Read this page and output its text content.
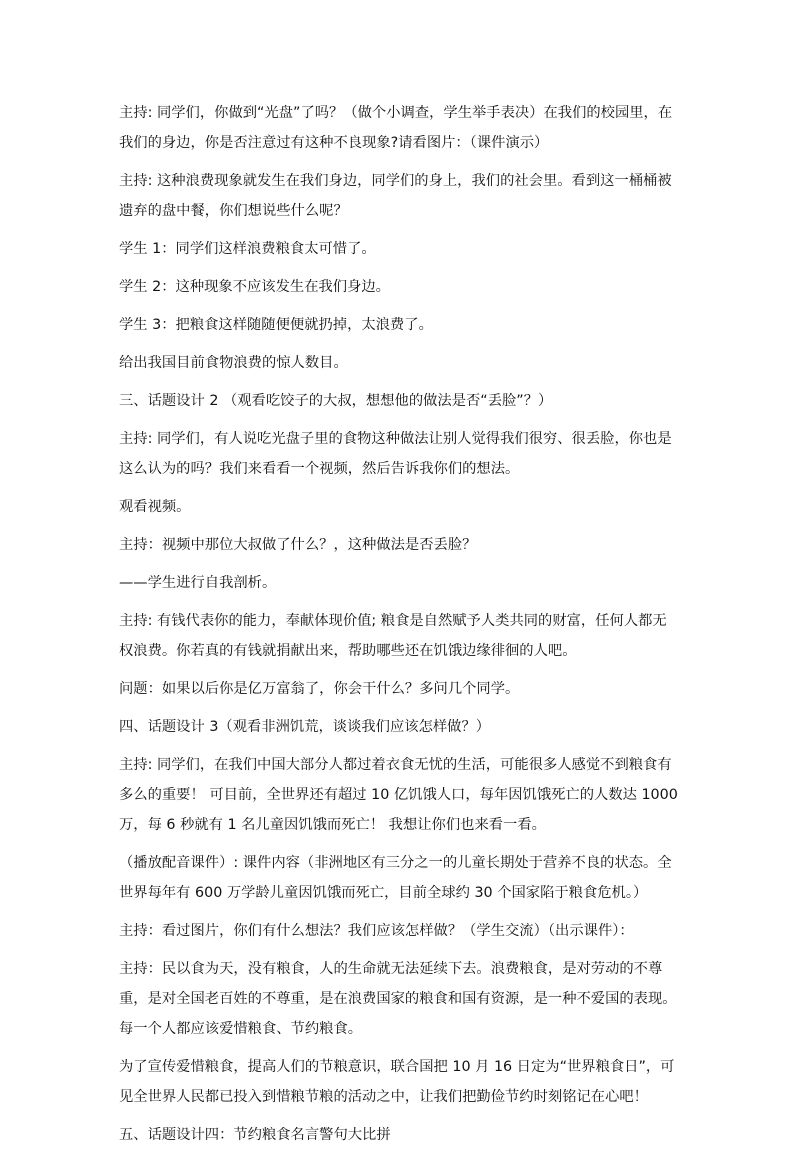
主持: 同学们，你做到“光盘”了吗？（做个小调查，学生举手表决）在我们的校园里，在我们的身边，你是否注意过有这种不良现象?请看图片：（课件演示）

主持: 这种浪费现象就发生在我们身边，同学们的身上，我们的社会里。看到这一桶桶被遗弃的盘中餐，你们想说些什么呢？

学生 1：同学们这样浪费粮食太可惜了。

学生 2：这种现象不应该发生在我们身边。

学生 3：把粮食这样随随便便就扔掉，太浪费了。

给出我国目前食物浪费的惊人数目。

三、话题设计 2 （观看吃饺子的大叔，想想他的做法是否“丢脸”？）

主持: 同学们，有人说吃光盘子里的食物这种做法让别人觉得我们很穷、很丢脸，你也是这么认为的吗？我们来看看一个视频，然后告诉我你们的想法。

观看视频。

主持：视频中那位大叔做了什么？，这种做法是否丢脸？

——学生进行自我剖析。

主持: 有钱代表你的能力，奉献体现价值; 粮食是自然赋予人类共同的财富，任何人都无权浪费。你若真的有钱就捐献出来，帮助哪些还在饥饿边缘徘徊的人吧。

问题：如果以后你是亿万富翁了，你会干什么？多问几个同学。

四、话题设计 3（观看非洲饥荒，谈谈我们应该怎样做？）

主持: 同学们，在我们中国大部分人都过着衣食无忧的生活，可能很多人感觉不到粮食有多么的重要！ 可目前，全世界还有超过 10 亿饥饿人口，每年因饥饿死亡的人数达 1000 万，每 6 秒就有 1 名儿童因饥饿而死亡！ 我想让你们也来看一看。

（播放配音课件）: 课件内容（非洲地区有三分之一的儿童长期处于营养不良的状态。全世界每年有 600 万学龄儿童因饥饿而死亡，目前全球约 30 个国家陷于粮食危机。）

主持：看过图片，你们有什么想法？我们应该怎样做？（学生交流）（出示课件）：

主持：民以食为天，没有粮食，人的生命就无法延续下去。浪费粮食，是对劳动的不尊重，是对全国老百姓的不尊重，是在浪费国家的粮食和国有资源，是一种不爱国的表现。每一个人都应该爱惜粮食、节约粮食。

为了宣传爱惜粮食，提高人们的节粮意识，联合国把 10 月 16 日定为“世界粮食日”，可见全世界人民都已投入到惜粮节粮的活动之中，让我们把勤俭节约时刻铭记在心吧！

五、话题设计四：节约粮食名言警句大比拼
